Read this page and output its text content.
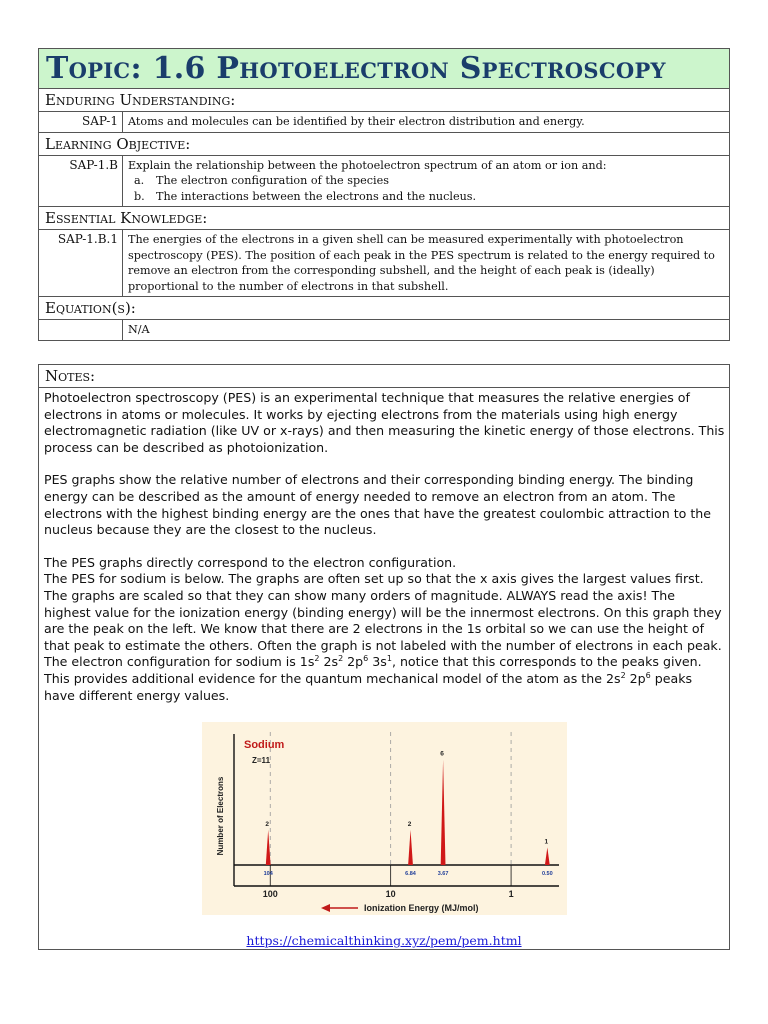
Topic: 1.6 Photoelectron Spectroscopy
Enduring Understanding:
SAP-1 Atoms and molecules can be identified by their electron distribution and energy.
Learning Objective:
SAP-1.B Explain the relationship between the photoelectron spectrum of an atom or ion and:
a. The electron configuration of the species
b. The interactions between the electrons and the nucleus.
Essential Knowledge:
SAP-1.B.1 The energies of the electrons in a given shell can be measured experimentally with photoelectron spectroscopy (PES). The position of each peak in the PES spectrum is related to the energy required to remove an electron from the corresponding subshell, and the height of each peak is (ideally) proportional to the number of electrons in that subshell.
Equation(s):
N/A
Notes:

Photoelectron spectroscopy (PES) is an experimental technique that measures the relative energies of electrons in atoms or molecules. It works by ejecting electrons from the materials using high energy electromagnetic radiation (like UV or x-rays) and then measuring the kinetic energy of those electrons. This process can be described as photoionization.

PES graphs show the relative number of electrons and their corresponding binding energy. The binding energy can be described as the amount of energy needed to remove an electron from an atom. The electrons with the highest binding energy are the ones that have the greatest coulombic attraction to the nucleus because they are the closest to the nucleus.

The PES graphs directly correspond to the electron configuration.

The PES for sodium is below. The graphs are often set up so that the x axis gives the largest values first. The graphs are scaled so that they can show many orders of magnitude. ALWAYS read the axis! The highest value for the ionization energy (binding energy) will be the innermost electrons. On this graph they are the peak on the left. We know that there are 2 electrons in the 1s orbital so we can use the height of that peak to estimate the others. Often the graph is not labeled with the number of electrons in each peak.

The electron configuration for sodium is $1s^2$ $2s^2$ $2p^6$ $3s^1$, notice that this corresponds to the peaks given. This provides additional evidence for the quantum mechanical model of the atom as the $2s^2$ $2p^6$ peaks have different energy values.

Sodium
Z=11
Number of Electrons
Ionization Energy (MJ/mol)
100	10	1
2
104
2
6.84
6
3.67
1
0.50
https://chemicalthinking.xyz/pem/pem.html
